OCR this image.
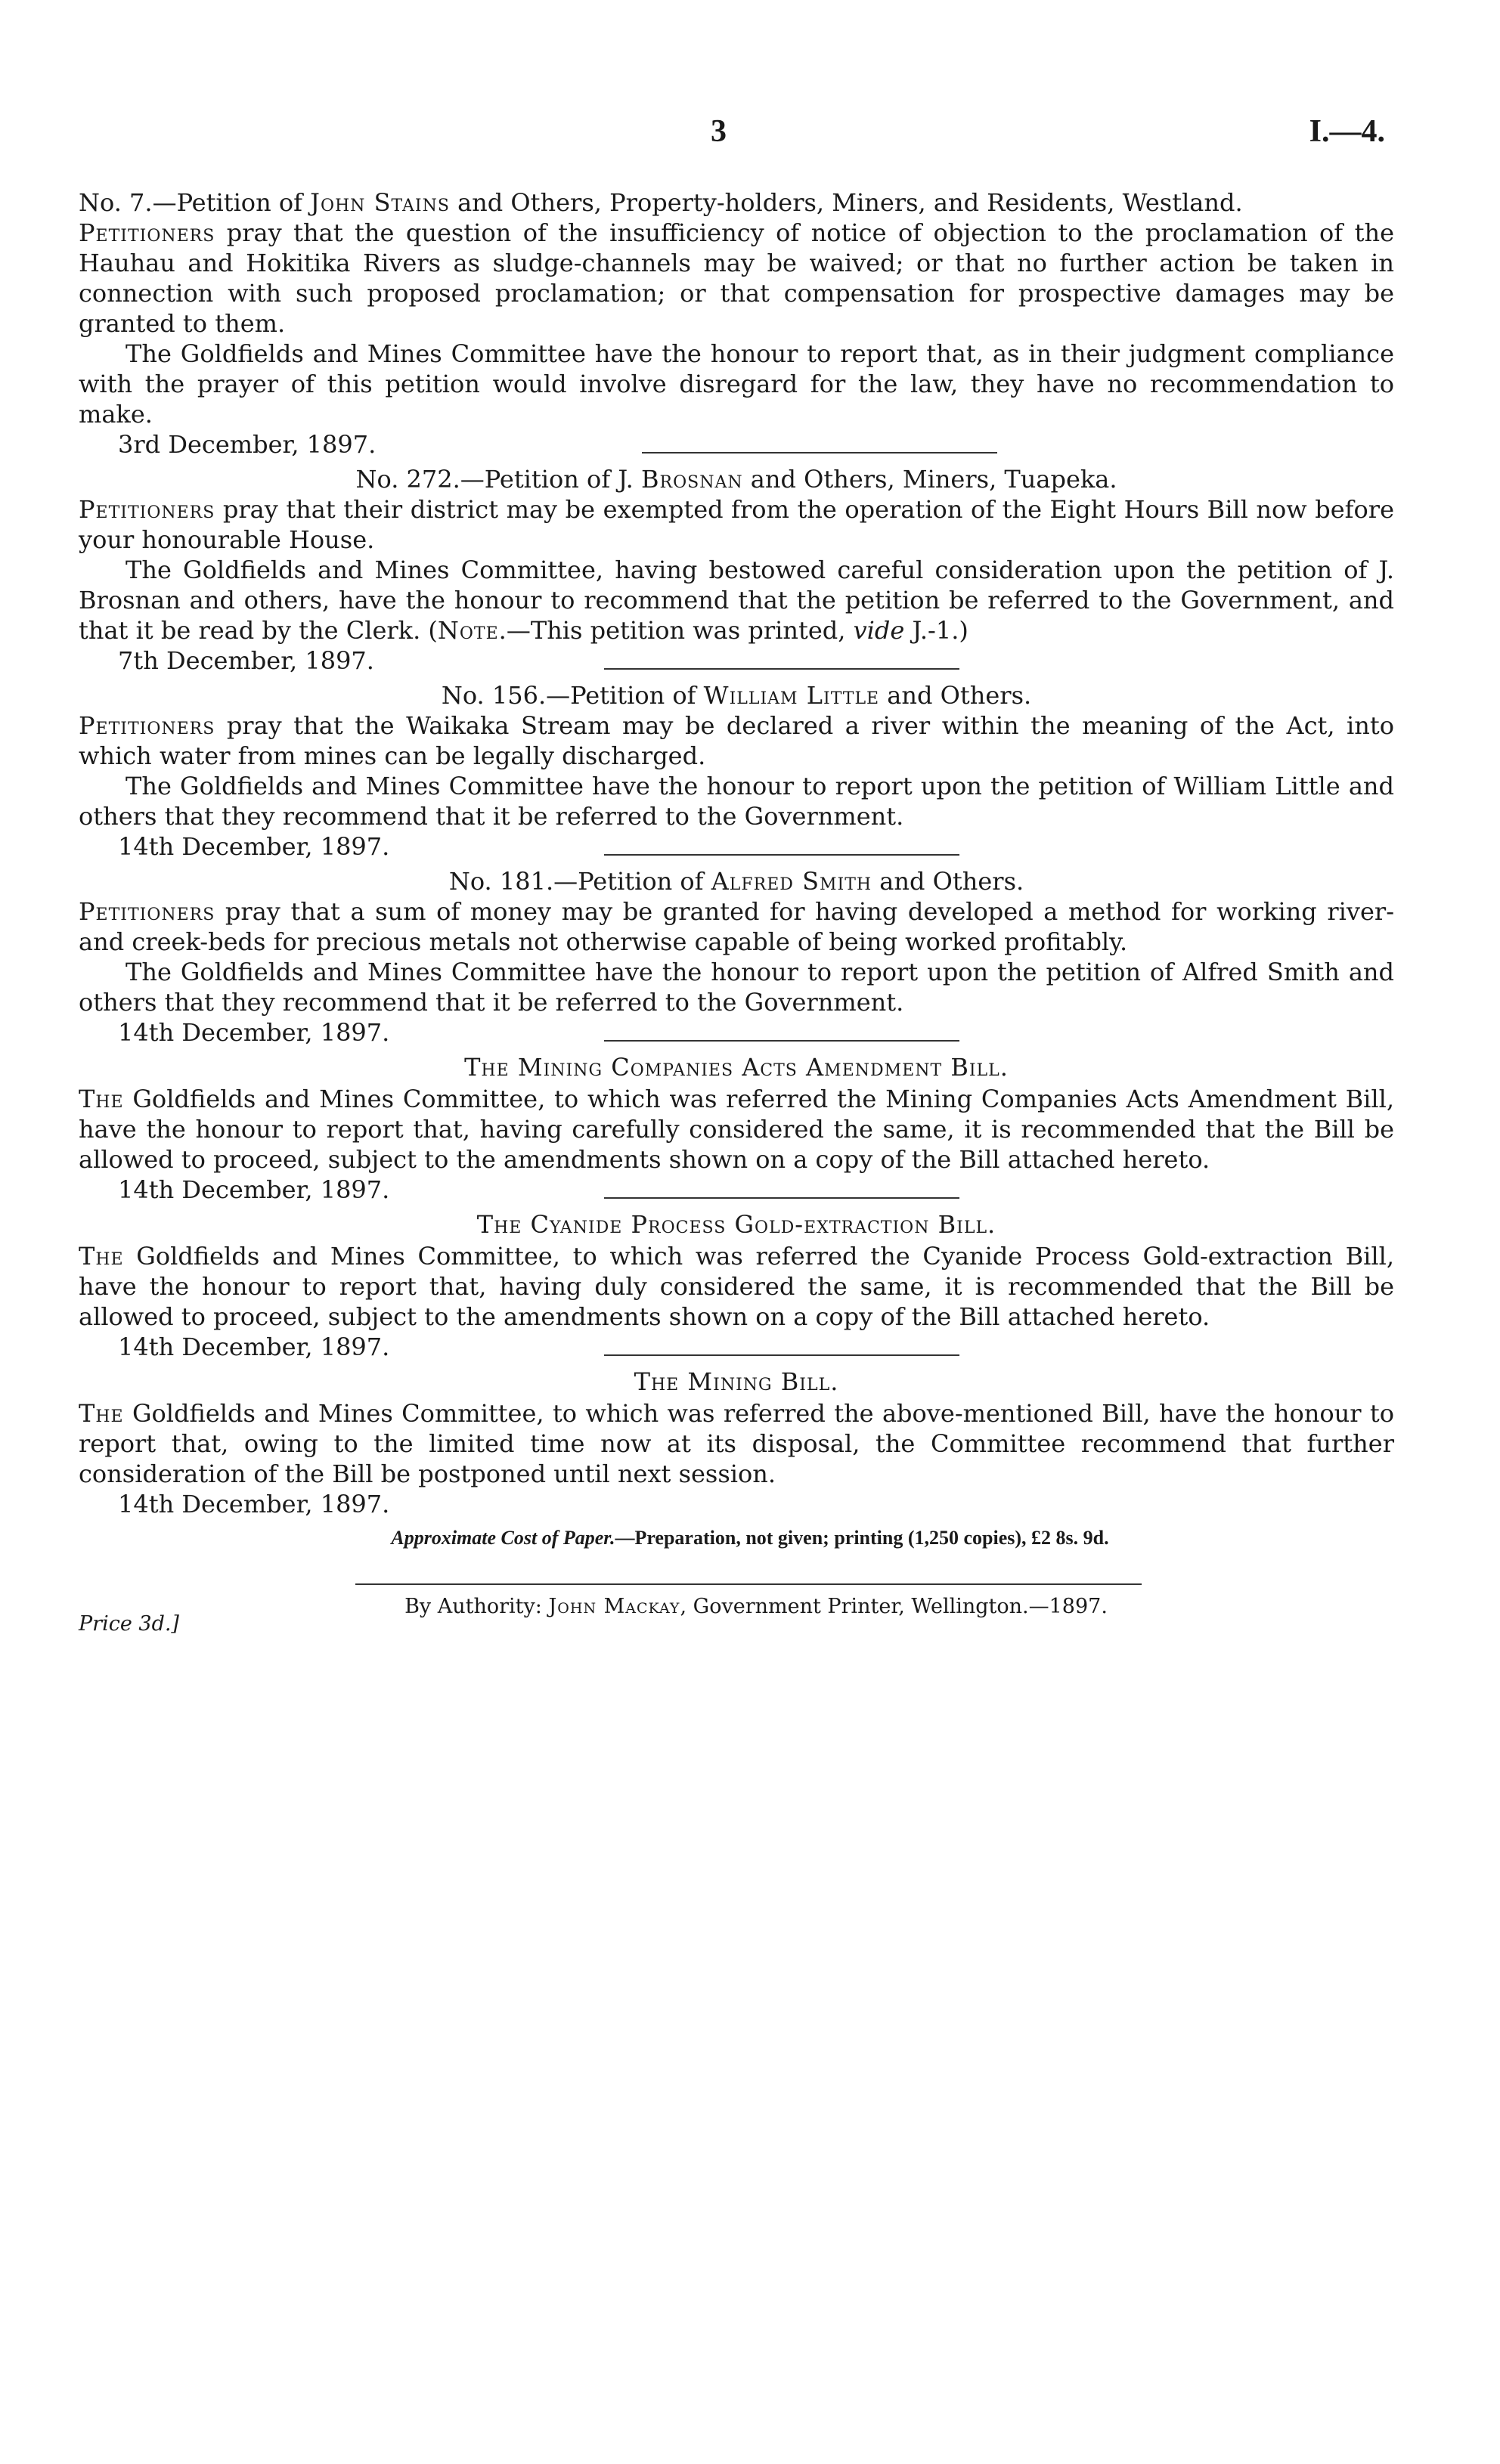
3	I.—4.

No. 7.—Petition of John Stains and Others, Property-holders, Miners, and Residents, Westland.

Petitioners pray that the question of the insufficiency of notice of objection to the proclamation of the Hauhau and Hokitika Rivers as sludge-channels may be waived; or that no further action be taken in connection with such proposed proclamation; or that compensation for prospective damages may be granted to them.

The Goldfields and Mines Committee have the honour to report that, as in their judgment compliance with the prayer of this petition would involve disregard for the law, they have no recommendation to make.

3rd December, 1897.

No. 272.—Petition of J. Brosnan and Others, Miners, Tuapeka.

Petitioners pray that their district may be exempted from the operation of the Eight Hours Bill now before your honourable House.

The Goldfields and Mines Committee, having bestowed careful consideration upon the petition of J. Brosnan and others, have the honour to recommend that the petition be referred to the Government, and that it be read by the Clerk. (Note.—This petition was printed, vide J.-1.)

7th December, 1897.

No. 156.—Petition of William Little and Others.

Petitioners pray that the Waikaka Stream may be declared a river within the meaning of the Act, into which water from mines can be legally discharged.

The Goldfields and Mines Committee have the honour to report upon the petition of William Little and others that they recommend that it be referred to the Government.

14th December, 1897.

No. 181.—Petition of Alfred Smith and Others.

Petitioners pray that a sum of money may be granted for having developed a method for working river- and creek-beds for precious metals not otherwise capable of being worked profitably.

The Goldfields and Mines Committee have the honour to report upon the petition of Alfred Smith and others that they recommend that it be referred to the Government.

14th December, 1897.

The Mining Companies Acts Amendment Bill.

The Goldfields and Mines Committee, to which was referred the Mining Companies Acts Amendment Bill, have the honour to report that, having carefully considered the same, it is recommended that the Bill be allowed to proceed, subject to the amendments shown on a copy of the Bill attached hereto.

14th December, 1897.

The Cyanide Process Gold-extraction Bill.

The Goldfields and Mines Committee, to which was referred the Cyanide Process Gold-extraction Bill, have the honour to report that, having duly considered the same, it is recommended that the Bill be allowed to proceed, subject to the amendments shown on a copy of the Bill attached hereto.

14th December, 1897.

The Mining Bill.

The Goldfields and Mines Committee, to which was referred the above-mentioned Bill, have the honour to report that, owing to the limited time now at its disposal, the Committee recommend that further consideration of the Bill be postponed until next session.

14th December, 1897.

Approximate Cost of Paper.—Preparation, not given; printing (1,250 copies), £2 8s. 9d.
By Authority: John Mackay, Government Printer, Wellington.—1897.
Price 3d.]
